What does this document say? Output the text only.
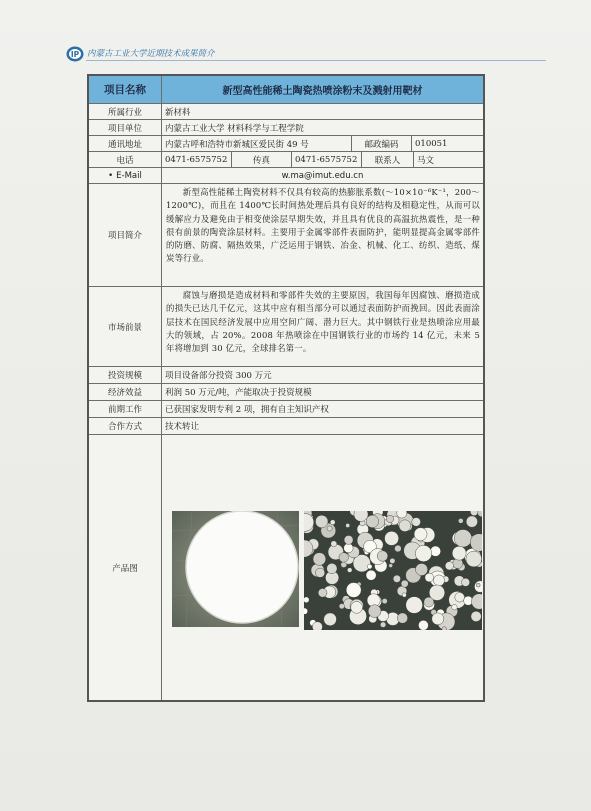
IP 内蒙古工业大学近期技术成果简介
项目名称	新型高性能稀土陶瓷热喷涂粉末及溅射用靶材
所属行业	新材料
项目单位	内蒙古工业大学 材料科学与工程学院
通讯地址	内蒙古呼和浩特市新城区爱民街 49 号	邮政编码	010051
电话	0471-6575752	传真	0471-6575752	联系人	马文
• E-Mail	w.ma@imut.edu.cn
项目简介
新型高性能稀土陶瓷材料不仅具有较高的热膨胀系数(～10×10⁻⁶K⁻¹，200～1200℃)，而且在 1400℃长时间热处理后具有良好的结构及相稳定性，从而可以缓解应力及避免由于相变使涂层早期失效，并且具有优良的高温抗热震性，是一种很有前景的陶瓷涂层材料。主要用于金属零部件表面防护，能明显提高金属零部件的防磨、防腐、隔热效果，广泛运用于钢铁、冶金、机械、化工、纺织、造纸、煤炭等行业。
市场前景
腐蚀与磨损是造成材料和零部件失效的主要原因，我国每年因腐蚀、磨损造成的损失已达几千亿元，这其中应有相当部分可以通过表面防护而挽回。因此表面涂层技术在国民经济发展中应用空间广阔、潜力巨大。其中钢铁行业是热喷涂应用最大的领域，占 20%。2008 年热喷涂在中国钢铁行业的市场约 14 亿元，未来 5 年将增加到 30 亿元，全球排名第一。
投资规模	项目设备部分投资 300 万元
经济效益	利润 50 万元/吨，产能取决于投资规模
前期工作	已获国家发明专利 2 项，拥有自主知识产权
合作方式	技术转让
产品图
